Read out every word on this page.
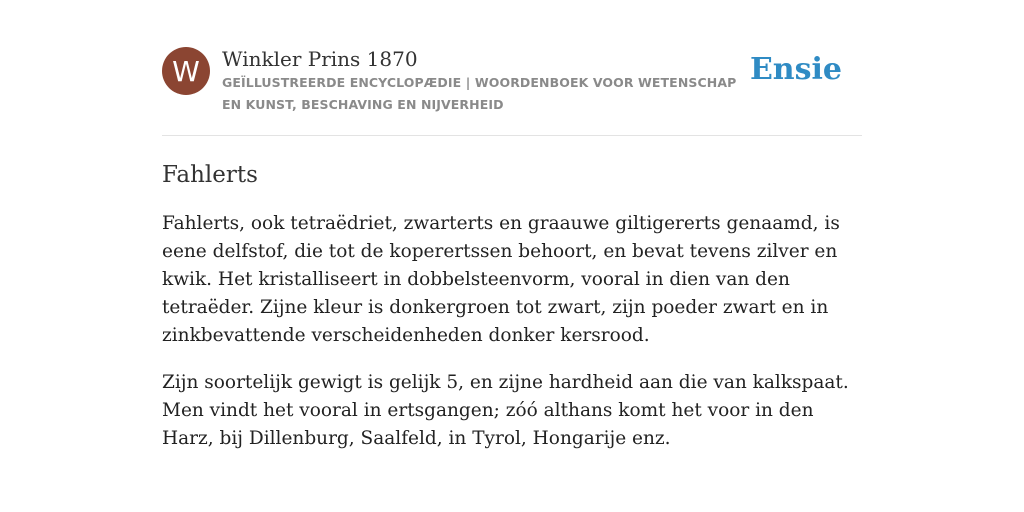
W	Winkler Prins 1870
GEÏLLUSTREERDE ENCYCLOPÆDIE | WOORDENBOEK VOOR WETENSCHAP EN KUNST, BESCHAVING EN NIJVERHEID
Ensie
Fahlerts

Fahlerts, ook tetraëdriet, zwarterts en graauwe giltigererts genaamd, is eene delfstof, die tot de koperertssen behoort, en bevat tevens zilver en kwik. Het kristalliseert in dobbelsteenvorm, vooral in dien van den tetraëder. Zijne kleur is donkergroen tot zwart, zijn poeder zwart en in zinkbevattende verscheidenheden donker kersrood.

Zijn soortelijk gewigt is gelijk 5, en zijne hardheid aan die van kalkspaat. Men vindt het vooral in ertsgangen; zóó althans komt het voor in den Harz, bij Dillenburg, Saalfeld, in Tyrol, Hongarije enz.
